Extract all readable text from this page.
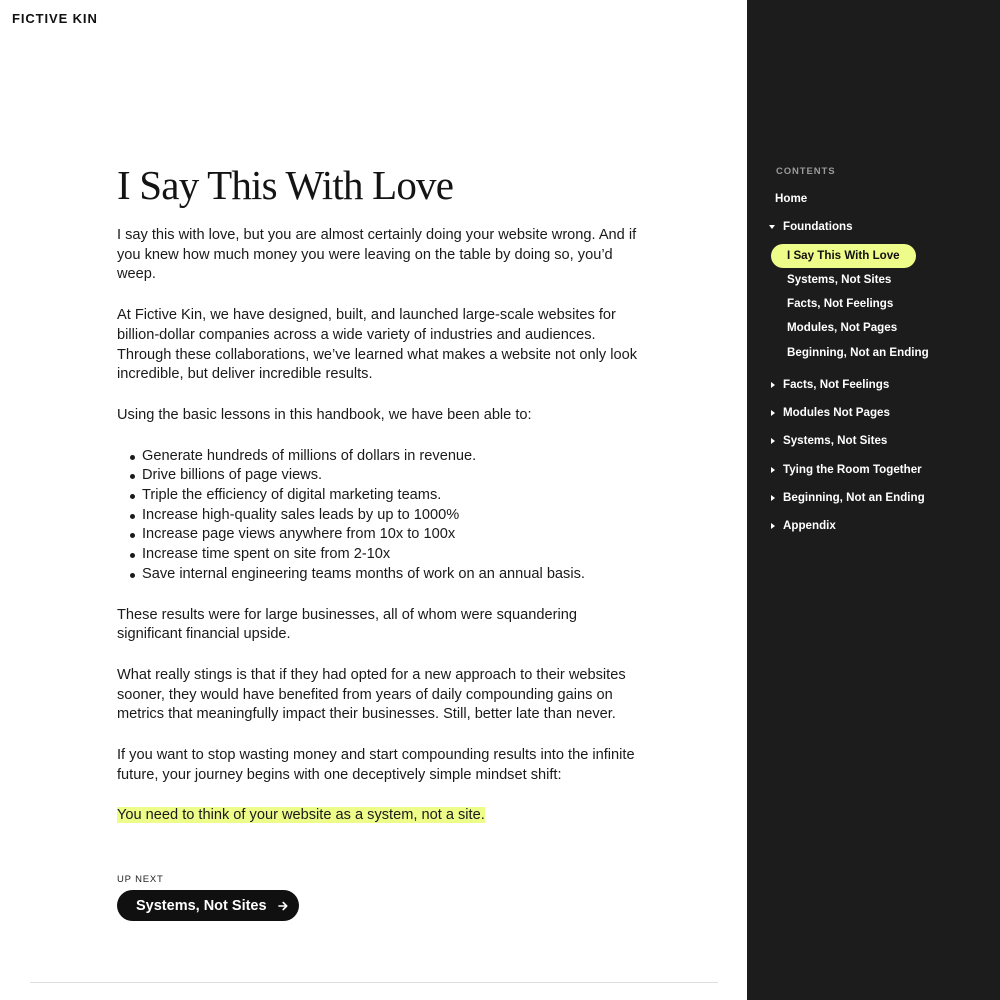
FICTIVE KIN
I Say This With Love

I say this with love, but you are almost certainly doing your website wrong. And if you knew how much money you were leaving on the table by doing so, you’d weep.

At Fictive Kin, we have designed, built, and launched large-scale websites for billion-dollar companies across a wide variety of industries and audiences. Through these collaborations, we’ve learned what makes a website not only look incredible, but deliver incredible results.

Using the basic lessons in this handbook, we have been able to:

Generate hundreds of millions of dollars in revenue.
Drive billions of page views.
Triple the efficiency of digital marketing teams.
Increase high-quality sales leads by up to 1000%
Increase page views anywhere from 10x to 100x
Increase time spent on site from 2-10x
Save internal engineering teams months of work on an annual basis.

These results were for large businesses, all of whom were squandering significant financial upside.

What really stings is that if they had opted for a new approach to their websites sooner, they would have benefited from years of daily compounding gains on metrics that meaningfully impact their businesses. Still, better late than never.

If you want to stop wasting money and start compounding results into the infinite future, your journey begins with one deceptively simple mindset shift:

You need to think of your website as a system, not a site.

UP NEXT
Systems, Not Sites
CONTENTS
Home
Foundations
I Say This With Love
Systems, Not Sites
Facts, Not Feelings
Modules, Not Pages
Beginning, Not an Ending
Facts, Not Feelings
Modules Not Pages
Systems, Not Sites
Tying the Room Together
Beginning, Not an Ending
Appendix
